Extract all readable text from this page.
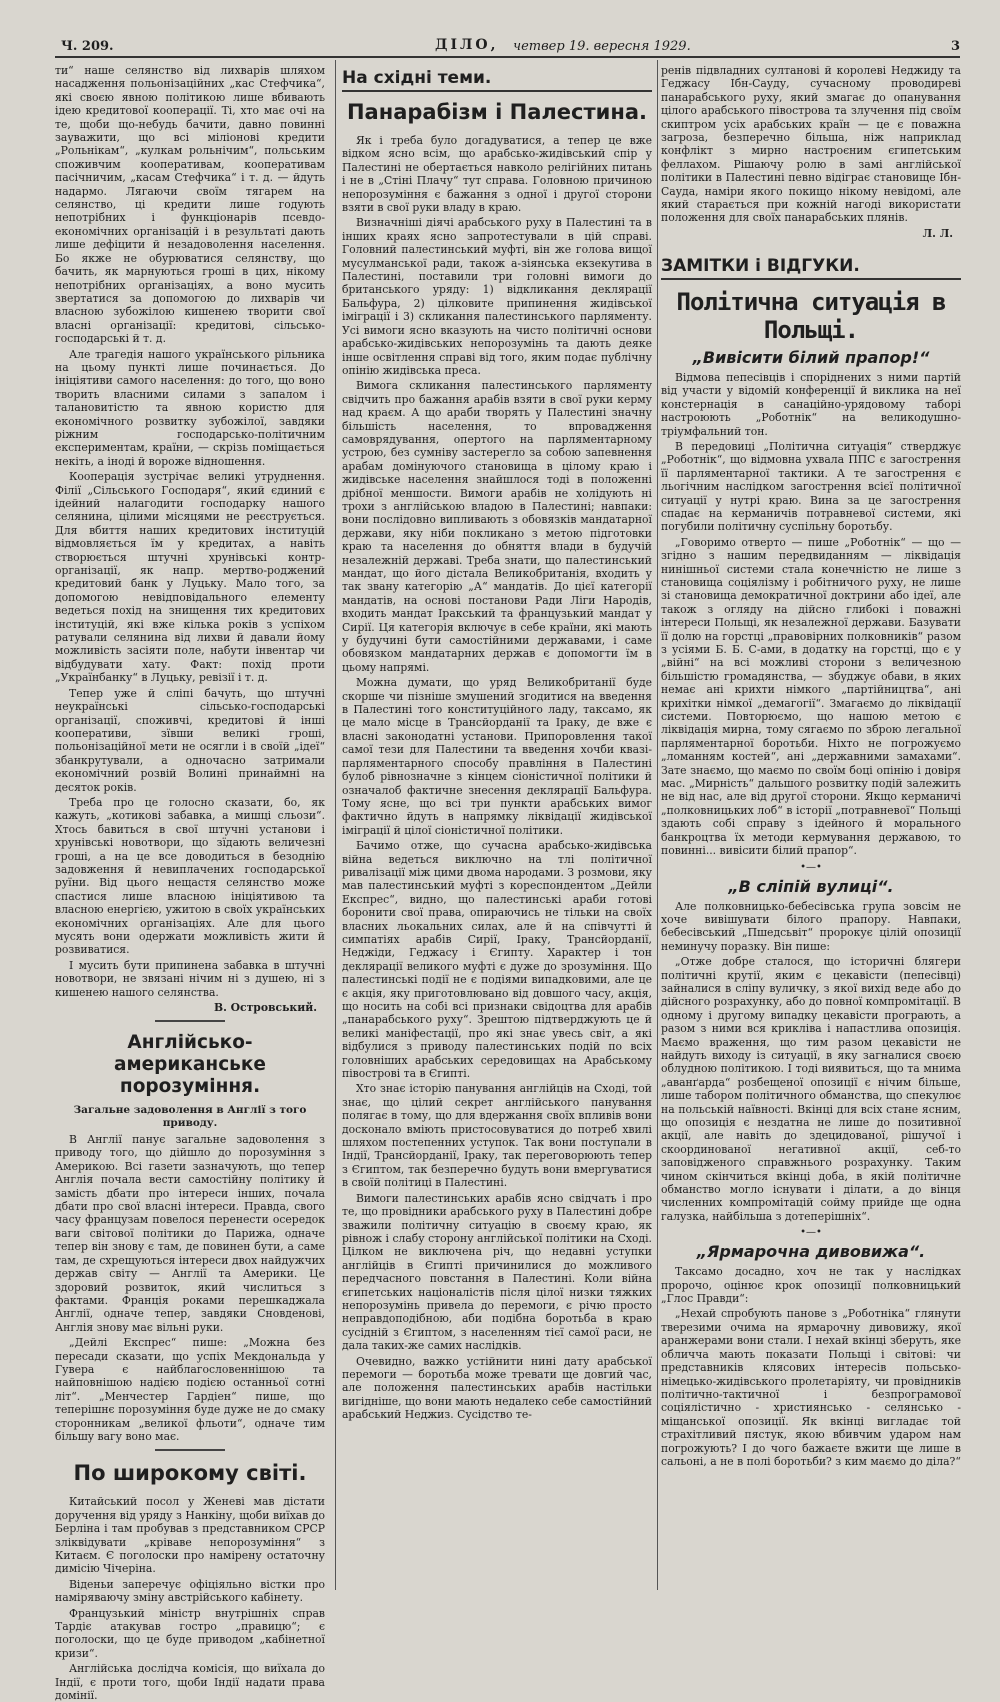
Ч. 209.	ДІЛО, четвер 19. вересня 1929.	3

ти“ наше селянство від лихварів шляхом насадження польонізаційних „кас Стефчика“, які своєю явною політикою лише вбивають ідею кредитової кооперації. Ті, хто має очі на те, щоби що-небудь бачити, давно повинні зауважити, що всі міліонові кредити „Рольнікам“, „кулкам рольнічим“, польським споживчим кооперативам, кооперативам пасічничим, „касам Стефчика“ і т. д. — йдуть надармо. Лягаючи своїм тягарем на селянство, ці кредити лише годують непотрібних і функціонарів псевдо-економічних організацій і в результаті дають лише дефіцити й незадоволення населення. Бо якже не обурюватися селянству, що бачить, як марнуються гроші в цих, нікому непотрібних організаціях, а воно мусить звертатися за допомогою до лихварів чи власною зубожілою кишенею творити свої власні організації: кредитові, сільсько-господарські й т. д.

Але трагедія нашого українського рільника на цьому пункті лише починається. До ініціятиви самого населення: до того, що воно творить власними силами з запалом і талановитістю та явною користю для економічного розвитку зубожілої, завдяки ріжним господарсько-політичним експериментам, країни, — скрізь поміщається некіть, а іноді й вороже відношення.

Кооперація зустрічає великі утруднення. Філії „Сільського Господаря“, який єдиний є ідейний налагодити господарку нашого селянина, цілими місяцями не реєструється. Для вбиття наших кредитових інституцій відмовляється їм у кредитах, а навіть створюється штучні хрунівські контр-організації, як напр. мертво-роджений кредитовий банк у Луцьку. Мало того, за допомогою невідповідального елементу ведеться похід на знищення тих кредитових інституцій, які вже кілька років з успіхом ратували селянина від лихви й давали йому можливість засіяти поле, набути інвентар чи відбудувати хату. Факт: похід проти „Українбанку“ в Луцьку, ревізії і т. д.

Тепер уже й сліпі бачуть, що штучні неукраїнські сільсько-господарські організації, споживчі, кредитові й інші кооперативи, зївши великі гроші, польонізаційної мети не осягли і в своїй „ідеї“ збанкрутували, а одночасно затримали економічний розвій Волині принаймні на десяток років.

Треба про це голосно сказати, бо, як кажуть, „котикові забавка, а мишці сльози“. Хтось бавиться в свої штучні установи і хрунівські новотвори, що зїдають величезні гроші, а на це все доводиться в безоднію задовження й невиплачених господарської руїни. Від цього нещастя селянство може спастися лише власною ініціятивою та власною енергією, ужитою в своїх українських економічних організаціях. Але для цього мусять вони одержати можливість жити й розвиватися.

І мусить бути припинена забавка в штучні новотвори, не звязані нічим ні з душею, ні з кишенею нашого селянства.

В. Островський.
Англійсько-американське порозуміння.
Загальне задоволення в Англії з того приводу.

В Англії панує загальне задоволення з приводу того, що дійшло до порозуміння з Америкою. Всі газети зазначують, що тепер Англія почала вести самостійну політику й замість дбати про інтереси інших, почала дбати про свої власні інтереси. Правда, свого часу французам повелося перенести осередок ваги світової політики до Парижа, одначе тепер він знову є там, де повинен бути, а саме там, де схрещуються інтереси двох найдужчих держав світу — Англії та Америки. Це здоровий розвиток, який числиться з фактами. Франція роками перешкаджала Англії, одначе тепер, завдяки Сновденові, Англія знову має вільні руки.

„Дейлі Експрес“ пише: „Можна без пересади сказати, що успіх Мекдональда у Гувера є найблагословеннішою та найповнішою надією подією останньої сотні літ“. „Менчестер Гардіен“ пише, що теперішнє порозуміння буде дуже не до смаку сторонникам „великої фльоти“, одначе тим більшу вагу воно має.

По широкому світі.

Китайський посол у Женеві мав дістати доручення від уряду з Нанкіну, щоби виїхав до Берліна і там пробував з представником СРСР зліквідувати „кріваве непорозуміння“ з Китаєм. Є поголоски про намірену остаточну димісію Чічеріна.

Віденьи заперечує офіціяльно вістки про наміряваючу зміну австрійського кабінету.

Французький міністр внутрішніх справ Тардіє атакував гостро „правицю“; є поголоски, що це буде приводом „кабінетної кризи“.

Англійська дослідча комісія, що виїхала до Індії, є проти того, щоби Індії надати права домінії.

На східні теми.
Панарабізм і Палестина.

Як і треба було догадуватися, а тепер це вже відком ясно всім, що арабсько-жидівський спір у Палестині не обертається навколо релігійних питань і не в „Стіні Плачу“ тут справа. Головною причиною непорозуміння є бажання з одної і другої сторони взяти в свої руки владу в краю.

Визначніші діячі арабського руху в Палестині та в інших краях ясно запротестували в цій справі. Головний палестинський муфті, він же голова вищої мусулманської ради, також а-зіянська екзекутива в Палестині, поставили три головні вимоги до британського уряду: 1) відкликання деклярації Бальфура, 2) цілковите припинення жидівської іміграції і 3) скликання палестинського парляменту. Усі вимоги ясно вказують на чисто політичні основи арабсько-жидівських непорозумінь та дають деяке інше освітлення справі від того, яким подає публічну опінію жидівська преса.

Вимога скликання палестинського парляменту свідчить про бажання арабів взяти в свої руки керму над краєм. А що араби творять у Палестині значну більшість населення, то впровадження самоврядування, опертого на парляментарному устрою, без сумніву застерегло за собою запевнення арабам домінуючого становища в цілому краю і жидівське населення знайшлося тоді в положенні дрібної меншости. Вимоги арабів не холідують ні трохи з англійською владою в Палестині; навпаки: вони послідовно випливають з обовязків мандатарної держави, яку ніби покликано з метою підготовки краю та населення до обняття влади в будучій незалежній державі. Треба знати, що палестинський мандат, що його дістала Великобританія, входить у так звану категорію „А“ мандатів. До цієї категорії мандатів, на основі постанови Ради Ліги Народів, входить мандат Іракський та французький мандат у Сирії. Ця категорія включує в себе країни, які мають у будучині бути самостійними державами, і саме обовязком мандатарних держав є допомогти їм в цьому напрямі.

Можна думати, що уряд Великобританії буде скорше чи пізніше змушений згодитися на введення в Палестині того конституційного ладу, таксамо, як це мало місце в Трансйорданії та Іраку, де вже є власні законодатні установи. Припоровлення такої самої тези для Палестини та введення хочби квазі-парляментарного способу правління в Палестині булоб рівнозначне з кінцем сіоністичної політики й означалоб фактичне знесення деклярації Бальфура. Тому ясне, що всі три пункти арабських вимог фактично йдуть в напрямку ліквідації жидівської іміграції й цілої сіоністичної політики.

Бачимо отже, що сучасна арабсько-жидівська війна ведеться виключно на тлі політичної ривалізації між цими двома народами. З розмови, яку мав палестинський муфті з кореспондентом „Дейли Експрес“, видно, що палестинські араби готові боронити свої права, опираючись не тільки на своїх власних льокальних силах, але й на співчутті й симпатіях арабів Сирії, Іраку, Трансйорданії, Неджіди, Геджасу і Єгипту. Характер і тон деклярації великого муфті є дуже до зрозуміння. Що палестинські події не є подіями випадковими, але це є акція, яку приготовлювано від довшого часу, акція, що носить на собі всі признаки свідоцтва для арабів „панарабського руху“. Зрештою підтверджують це й великі маніфестації, про які знає увесь світ, а які відбулися з приводу палестинських подій по всіх головніших арабських середовищах на Арабському півострові та в Єгипті.

Хто знає історію панування англійців на Сході, той знає, що цілий секрет англійського панування полягає в тому, що для вдержання своїх впливів вони досконало вміють пристосовуватися до потреб хвилі шляхом постепенних уступок. Так вони поступали в Індії, Трансйорданії, Іраку, так переговорюють тепер з Єгиптом, так безперечно будуть вони вмергуватися в своїй політиці в Палестині.

Вимоги палестинських арабів ясно свідчать і про те, що провідники арабського руху в Палестині добре зважили політичну ситуацію в своєму краю, як рівнож і слабу сторону англійської політики на Сході. Цілком не виключена річ, що недавні уступки англійців в Єгипті причинилися до можливого передчасного повстання в Палестині. Коли війна єгипетських націоналістів після цілої низки тяжких непорозумінь привела до перемоги, є річю просто неправдоподібною, аби подібна боротьба в краю сусідній з Єгиптом, з населенням тієї самої раси, не дала таких-же самих наслідків.

Очевидно, важко устійнити нині дату арабської перемоги — боротьба може тревати ще довгий час, але положення палестинських арабів настільки вигідніше, що вони мають недалеко себе самостійний арабський Неджиз. Сусідство те-

ренів підвладних султанові й королеві Неджиду та Геджасу Ібн-Сауду, сучасному проводиреві панарабського руху, який змагає до опанування цілого арабського півострова та злучення під своїм скиптром усіх арабських країн — це є поважна загроза, безперечно більша, ніж наприклад конфлікт з мирно настроєним єгипетським феллахом. Рішаючу ролю в замі англійської політики в Палестині певно відіграє становище Ібн-Сауда, наміри якого покищо нікому невідомі, але який старається при кожній нагоді використати положення для своїх панарабських плянів.

Л. Л.
ЗАМІТКИ і ВІДГУКИ.
Політична ситуація в Польщі.
„Вивісити білий прапор!“

Відмова пепесівців і споріднених з ними партій від участи у відомій конференції й виклика на неї констернація в санаційно-урядовому таборі настроюють „Роботнік“ на великодушно-тріумфальний тон.

В передовиці „Політична ситуація“ стверджує „Роботнік“, що відмовна ухвала ППС є загострення її парляментарної тактики. А те загострення є льогічним наслідком загострення всієї політичної ситуації у нутрі краю. Вина за це загострення спадає на керманичів потравневої системи, які погубили політичну суспільну боротьбу.

„Говоримо отверто — пише „Роботнік“ — що — згідно з нашим передвиданням — ліквідація нинішньої системи стала конечністю не лише з становища соціялізму і робітничого руху, не лише зі становища демократичної доктрини або ідеї, але також з огляду на дійсно глибокі і поважні інтереси Польщі, як незалежної держави. Базувати її долю на горстці „правовірних полковників“ разом з усіями Б. Б. С-ами, в додатку на горстці, що є у „війні“ на всі можливі сторони з величезною більшістю громадянства, — збуджує обави, в яких немає ані крихти німкого „партійництва“, ані крихітки німкої „демагогії“. Змагаємо до ліквідації системи. Повторюємо, що нашою метою є ліквідація мирна, тому сягаємо по зброю легальної парляментарної боротьби. Ніхто не погрожуємо „ломанням костей“, ані „державними замахами“. Зате знаємо, що маємо по своїм боці опінію і довіря мас. „Мирність“ дальшого розвитку подій залежить не від нас, але від другої сторони. Якщо керманичі „полковницьких лоб“ в історії „потравневої“ Польщі здають собі справу з ідейного й морального банкроцтва їх методи кермування державою, то повинні... вивісити білий прапор“.

•—•
„В сліпій вулиці“.

Але полковницько-бебесівська група зовсім не хоче вивішувати білого прапору. Навпаки, бебесівський „Пшедсьвіт“ пророкує цілій опозиції неминучу поразку. Він пише:

„Отже добре сталося, що історичні блягери політичні крутії, яким є цекавісти (пепесівці) зайналися в сліпу вуличку, з якої вихід веде або до дійсного розрахунку, або до повної компромітації. В одному і другому випадку цекавісти програють, а разом з ними вся крикліва і напастлива опозиція. Маємо враження, що тим разом цекавісти не найдуть виходу із ситуації, в яку загналися своєю облудною політикою. І тоді виявиться, що та мнима „аванґарда“ розбещеної опозиції є нічим більше, лише табором політичного обманства, що спекулює на польській наївності. Вкінці для всіх стане ясним, що опозиція є нездатна не лише до позитивної акції, але навіть до здецидованої, рішучої і скоординованої негативної акції, себ-то заповідженого справжнього розрахунку. Таким чином скінчиться вкінці доба, в якій політичне обманство могло існувати і ділати, а до вінця численних компромітацій сойму прийде ще одна галузка, найбільша з дотеперішніх“.

•—•
„Ярмарочна дивовижа“.

Таксамо досадно, хоч не так у наслідках пророчо, оцінює крок опозиції полковницький „Глос Правди“:

„Нехай спробують панове з „Роботніка“ глянути тверезими очима на ярмарочну дивовижу, якої аранжерами вони стали. І нехай вкінці зберуть, яке обличча мають показати Польщі і світові: чи представників клясових інтересів польсько-німецько-жидівського пролетаріяту, чи провідників політично-тактичної і безпрограмової соціялістично - християнсько - селянсько - міщанської опозиції. Як вкінці вигладає той страхітливий пястук, якою вбивчим ударом нам погрожують? І до чого бажаєте вжити ще лише в сальоні, а не в полі боротьби? з ким маємо до діла?“
